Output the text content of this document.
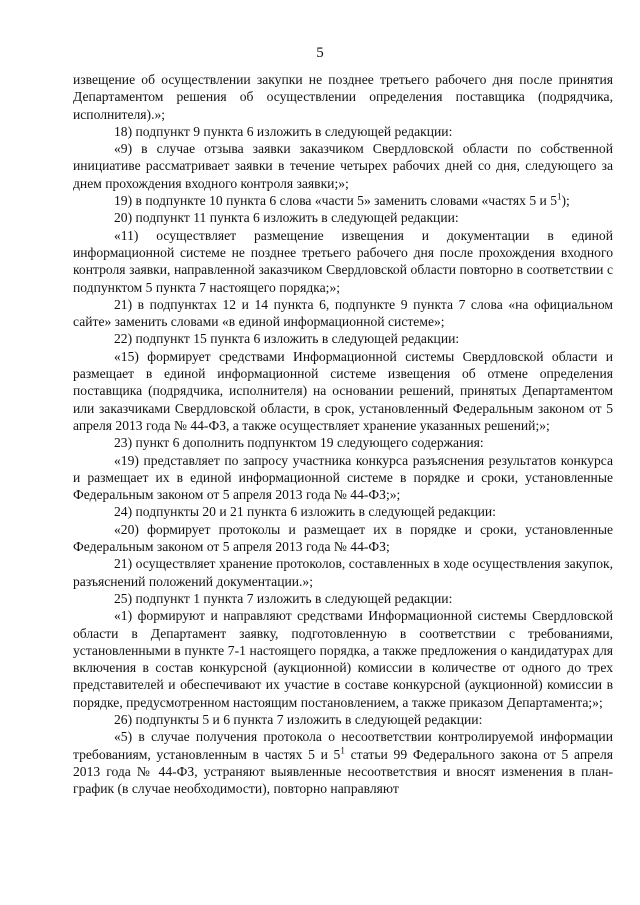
5

извещение об осуществлении закупки не позднее третьего рабочего дня после принятия Департаментом решения об осуществлении определения поставщика (подрядчика, исполнителя).»;

18) подпункт 9 пункта 6 изложить в следующей редакции:

«9) в случае отзыва заявки заказчиком Свердловской области по собственной инициативе рассматривает заявки в течение четырех рабочих дней со дня, следующего за днем прохождения входного контроля заявки;»;

19) в подпункте 10 пункта 6 слова «части 5» заменить словами «частях 5 и $5^1$);

20) подпункт 11 пункта 6 изложить в следующей редакции:

«11) осуществляет размещение извещения и документации в единой информационной системе не позднее третьего рабочего дня после прохождения входного контроля заявки, направленной заказчиком Свердловской области повторно в соответствии с подпунктом 5 пункта 7 настоящего порядка;»;

21) в подпунктах 12 и 14 пункта 6, подпункте 9 пункта 7 слова «на официальном сайте» заменить словами «в единой информационной системе»;

22) подпункт 15 пункта 6 изложить в следующей редакции:

«15) формирует средствами Информационной системы Свердловской области и размещает в единой информационной системе извещения об отмене определения поставщика (подрядчика, исполнителя) на основании решений, принятых Департаментом или заказчиками Свердловской области, в срок, установленный Федеральным законом от 5 апреля 2013 года № 44-ФЗ, а также осуществляет хранение указанных решений;»;

23) пункт 6 дополнить подпунктом 19 следующего содержания:

«19) представляет по запросу участника конкурса разъяснения результатов конкурса и размещает их в единой информационной системе в порядке и сроки, установленные Федеральным законом от 5 апреля 2013 года № 44-ФЗ;»;

24) подпункты 20 и 21 пункта 6 изложить в следующей редакции:

«20) формирует протоколы и размещает их в порядке и сроки, установленные Федеральным законом от 5 апреля 2013 года № 44-ФЗ;

21) осуществляет хранение протоколов, составленных в ходе осуществления закупок, разъяснений положений документации.»;

25) подпункт 1 пункта 7 изложить в следующей редакции:

«1) формируют и направляют средствами Информационной системы Свердловской области в Департамент заявку, подготовленную в соответствии с требованиями, установленными в пункте 7-1 настоящего порядка, а также предложения о кандидатурах для включения в состав конкурсной (аукционной) комиссии в количестве от одного до трех представителей и обеспечивают их участие в составе конкурсной (аукционной) комиссии в порядке, предусмотренном настоящим постановлением, а также приказом Департамента;»;

26) подпункты 5 и 6 пункта 7 изложить в следующей редакции:

«5) в случае получения протокола о несоответствии контролируемой информации требованиям, установленным в частях 5 и $5^1$ статьи 99 Федерального закона от 5 апреля 2013 года № 44-ФЗ, устраняют выявленные несоответствия и вносят изменения в план-график (в случае необходимости), повторно направляют
